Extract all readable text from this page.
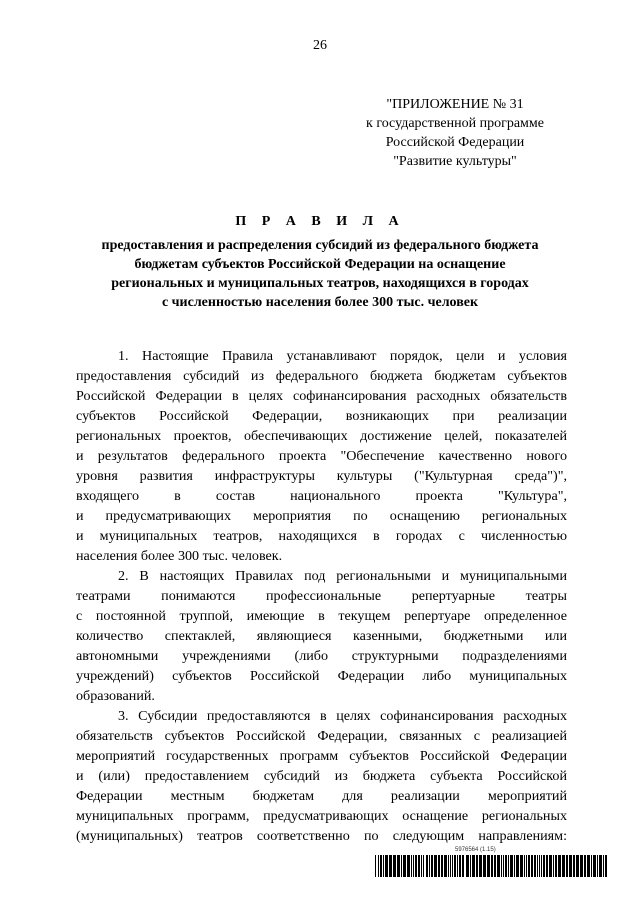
26
"ПРИЛОЖЕНИЕ № 31
к государственной программе
Российской Федерации
"Развитие культуры"
П Р А В И Л А
предоставления и распределения субсидий из федерального бюджета
бюджетам субъектов Российской Федерации на оснащение
региональных и муниципальных театров, находящихся в городах
с численностью населения более 300 тыс. человек
1. Настоящие Правила устанавливают порядок, цели и условия
предоставления субсидий из федерального бюджета бюджетам субъектов
Российской Федерации в целях софинансирования расходных обязательств
субъектов Российской Федерации, возникающих при реализации
региональных проектов, обеспечивающих достижение целей, показателей
и результатов федерального проекта "Обеспечение качественно нового
уровня развития инфраструктуры культуры ("Культурная среда")",
входящего в состав национального проекта "Культура",
и предусматривающих мероприятия по оснащению региональных
и муниципальных театров, находящихся в городах с численностью
населения более 300 тыс. человек.
2. В настоящих Правилах под региональными и муниципальными
театрами понимаются профессиональные репертуарные театры
с постоянной труппой, имеющие в текущем репертуаре определенное
количество спектаклей, являющиеся казенными, бюджетными или
автономными учреждениями (либо структурными подразделениями
учреждений) субъектов Российской Федерации либо муниципальных
образований.
3. Субсидии предоставляются в целях софинансирования расходных
обязательств субъектов Российской Федерации, связанных с реализацией
мероприятий государственных программ субъектов Российской Федерации
и (или) предоставлением субсидий из бюджета субъекта Российской
Федерации местным бюджетам для реализации мероприятий
муниципальных программ, предусматривающих оснащение региональных
(муниципальных) театров соответственно по следующим направлениям:
5976564 (1.15)
